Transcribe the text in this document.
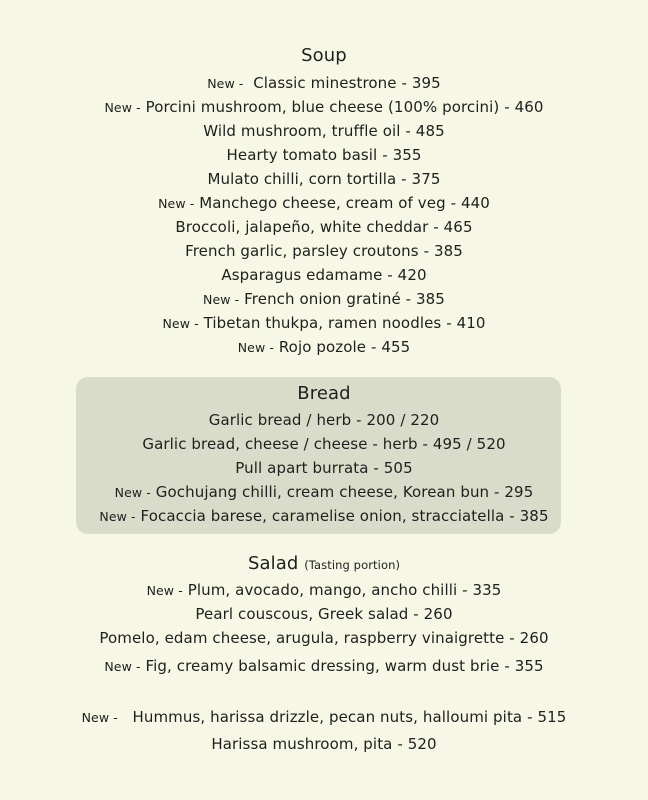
Soup
New - Classic minestrone - 395
New - Porcini mushroom, blue cheese (100% porcini) - 460
Wild mushroom, truffle oil - 485
Hearty tomato basil - 355
Mulato chilli, corn tortilla - 375
New - Manchego cheese, cream of veg - 440
Broccoli, jalapeño, white cheddar - 465
French garlic, parsley croutons - 385
Asparagus edamame - 420
New - French onion gratiné - 385
New - Tibetan thukpa, ramen noodles - 410
New - Rojo pozole - 455
Bread
Garlic bread / herb - 200 / 220
Garlic bread, cheese / cheese - herb - 495 / 520
Pull apart burrata - 505
New - Gochujang chilli, cream cheese, Korean bun - 295
New - Focaccia barese, caramelise onion, stracciatella - 385
Salad (Tasting portion)
New - Plum, avocado, mango, ancho chilli - 335
Pearl couscous, Greek salad - 260
Pomelo, edam cheese, arugula, raspberry vinaigrette - 260
New - Fig, creamy balsamic dressing, warm dust brie - 355
New - Hummus, harissa drizzle, pecan nuts, halloumi pita - 515
Harissa mushroom, pita - 520
